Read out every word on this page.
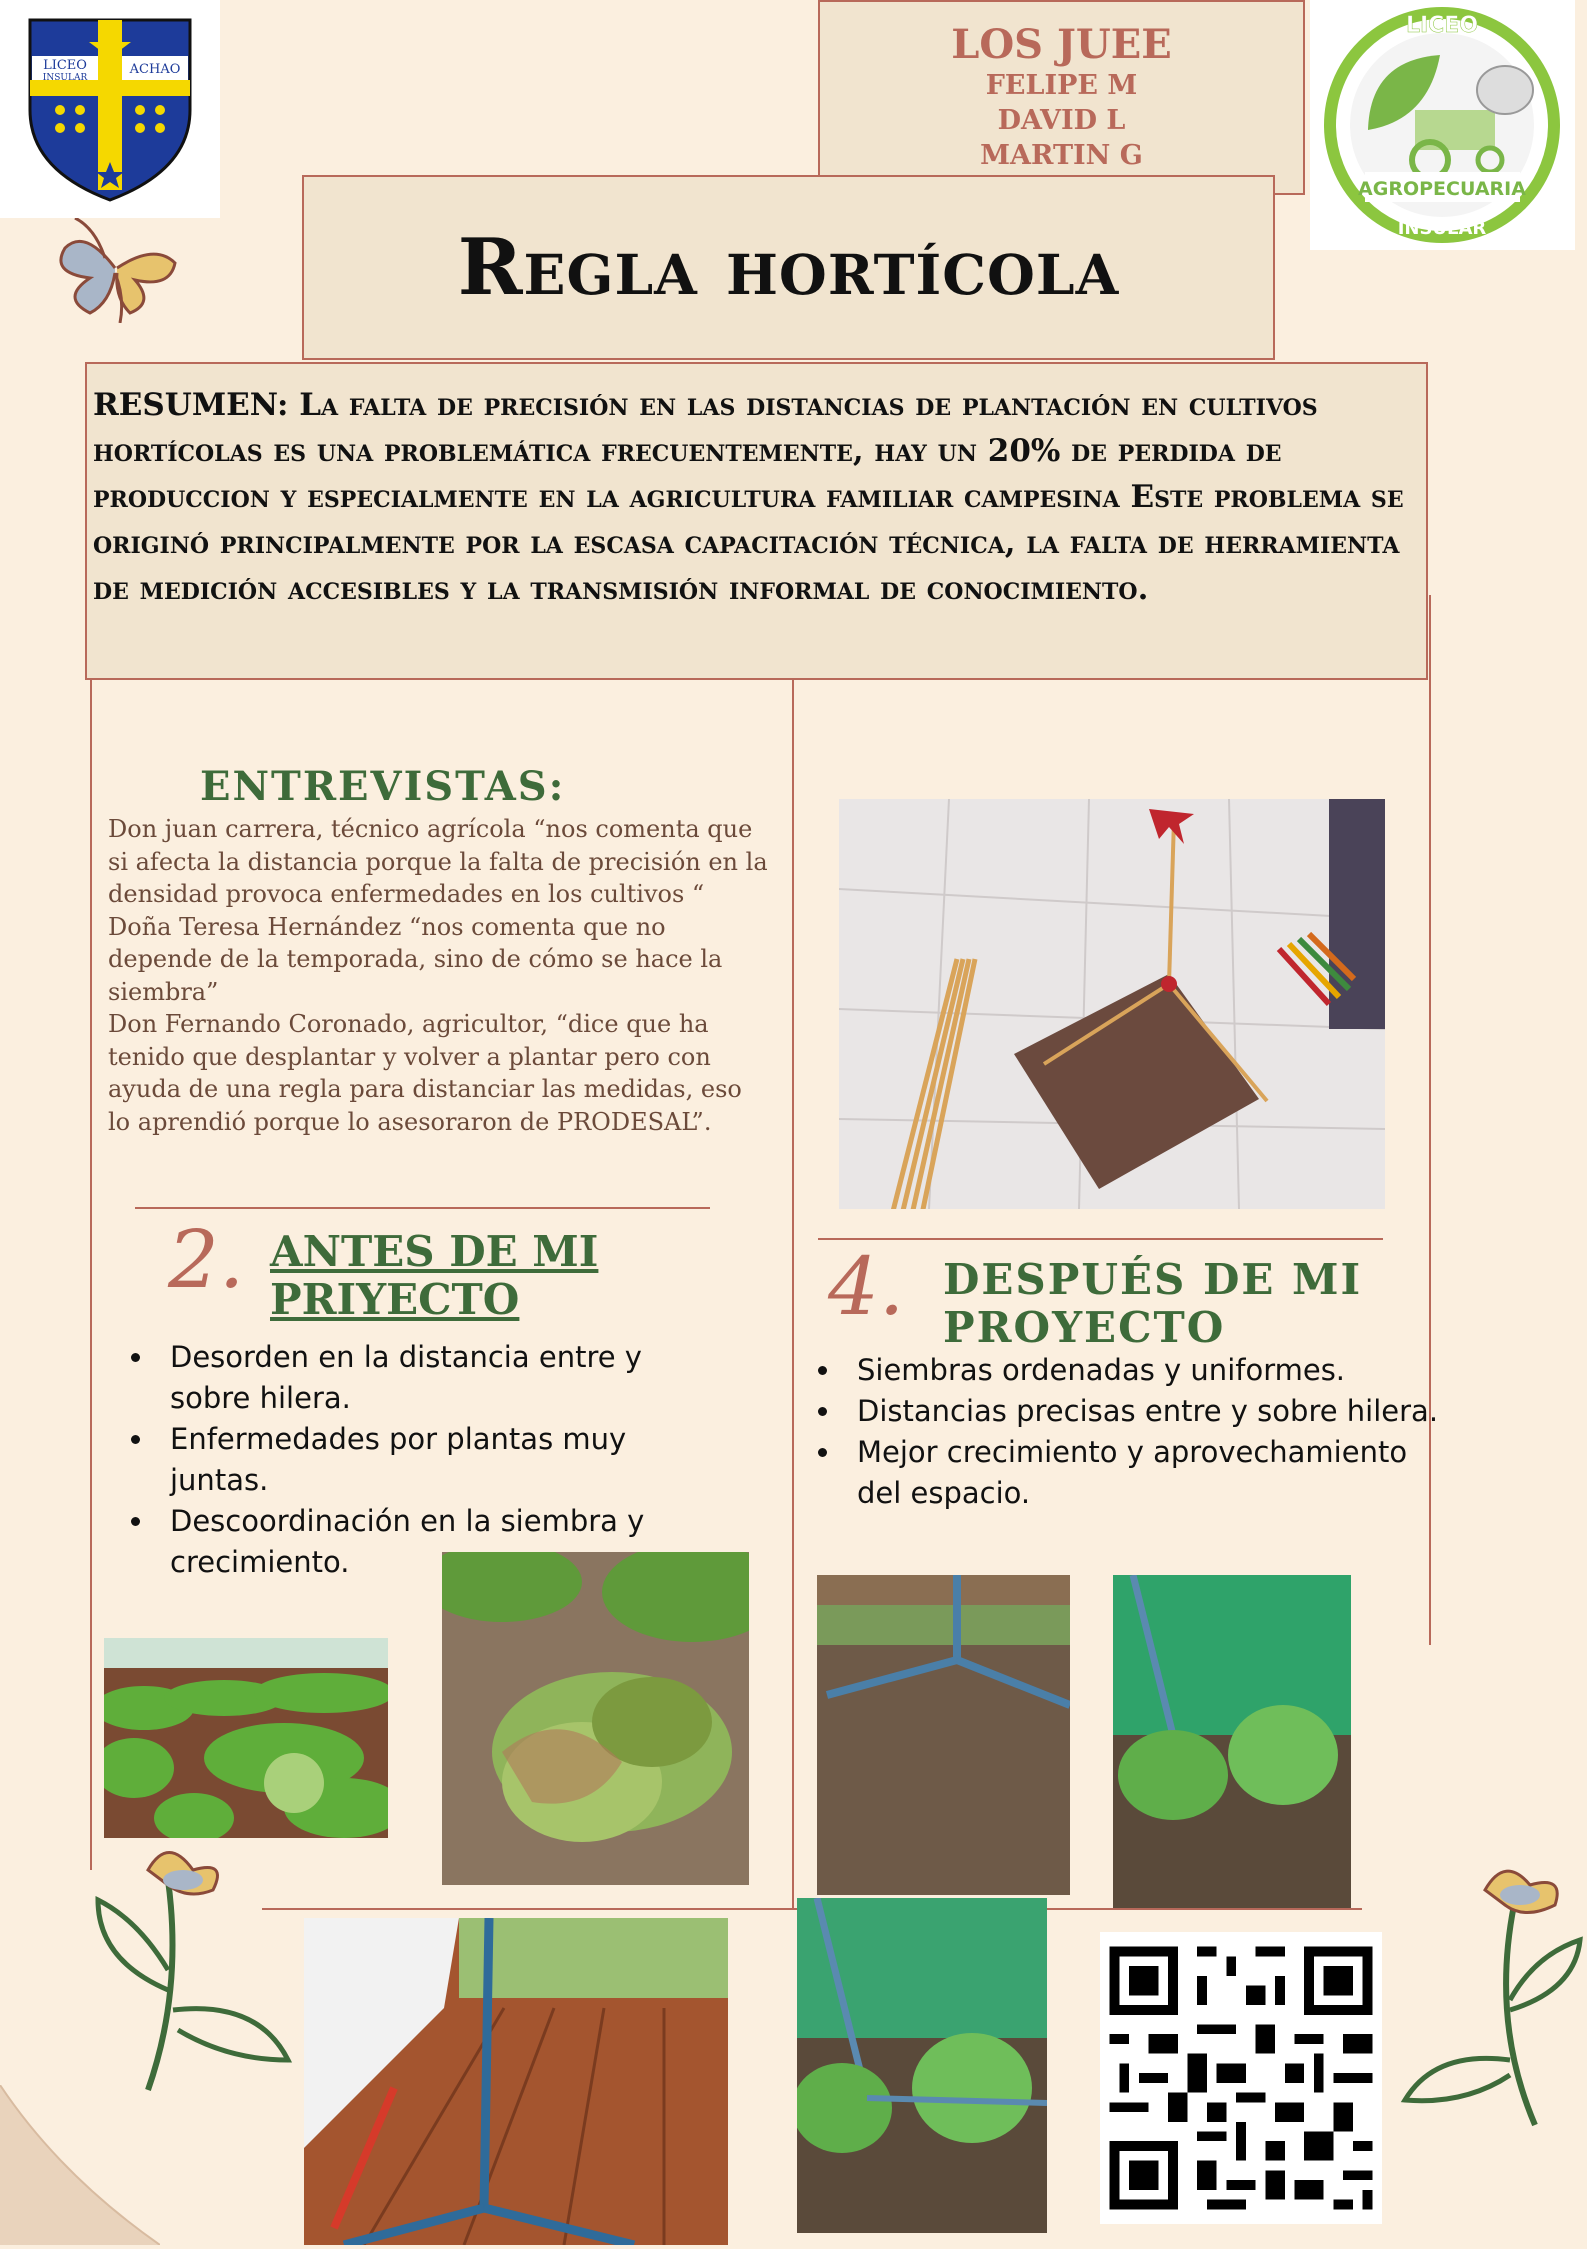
LICEO
INSULAR
ACHAO
LOS JUEE
FELIPE M
DAVID L
MARTIN G
LICEO
AGROPECUARIA
INSULAR
Regla hortícola

RESUMEN: La falta de precisión en las distancias de plantación en cultivos hortícolas es una problemática frecuentemente, hay un 20% de perdida de produccion y especialmente en la agricultura familiar campesina Este problema se originó principalmente por la escasa capacitación técnica, la falta de herramienta de medición accesibles y la transmisión informal de conocimiento.

ENTREVISTAS:

Don juan carrera, técnico agrícola “nos comenta que si afecta la distancia porque la falta de precisión en la densidad provoca enfermedades en los cultivos “

Doña Teresa Hernández “nos comenta que no depende de la temporada, sino de cómo se hace la siembra”

Don Fernando Coronado, agricultor, “dice que ha tenido que desplantar y volver a plantar pero con ayuda de una regla para distanciar las medidas, eso lo aprendió porque lo asesoraron de PRODESAL”.

2. ANTES DE MI
PRIYECTO
• Desorden en la distancia entre y sobre hilera.
• Enfermedades por plantas muy juntas.
• Descoordinación en la siembra y crecimiento.
4. DESPUÉS DE MI
PROYECTO
• Siembras ordenadas y uniformes.
• Distancias precisas entre y sobre hilera.
• Mejor crecimiento y aprovechamiento del espacio.
